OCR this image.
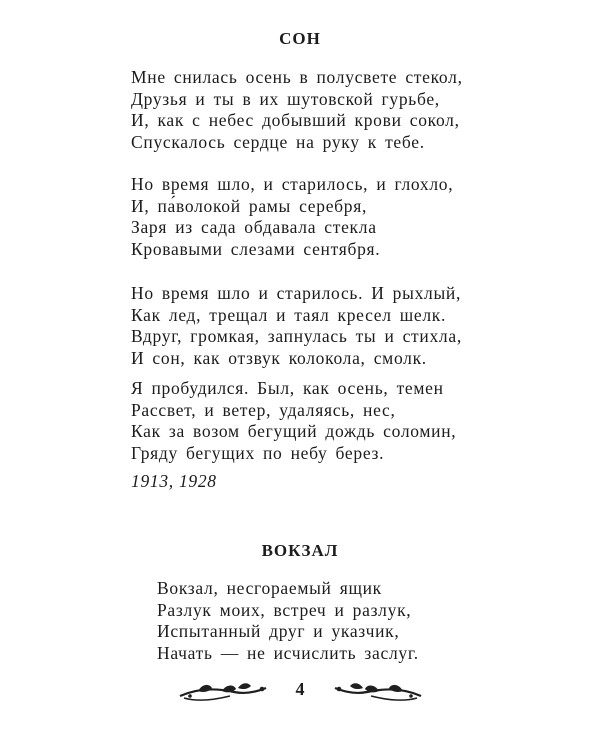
СОН
Мне снилась осень в полусвете стекол,
Друзья и ты в их шутовской гурьбе,
И, как с небес добывший крови сокол,
Спускалось сердце на руку к тебе.
Но время шло, и старилось, и глохло,
И, па́волокой рамы серебря,
Заря из сада обдавала стекла
Кровавыми слезами сентября.
Но время шло и старилось. И рыхлый,
Как лед, трещал и таял кресел шелк.
Вдруг, громкая, запнулась ты и стихла,
И сон, как отзвук колокола, смолк.
Я пробудился. Был, как осень, темен
Рассвет, и ветер, удаляясь, нес,
Как за возом бегущий дождь соломин,
Гряду бегущих по небу берез.
1913, 1928
ВОКЗАЛ
Вокзал, несгораемый ящик
Разлук моих, встреч и разлук,
Испытанный друг и указчик,
Начать — не исчислить заслуг.
4
